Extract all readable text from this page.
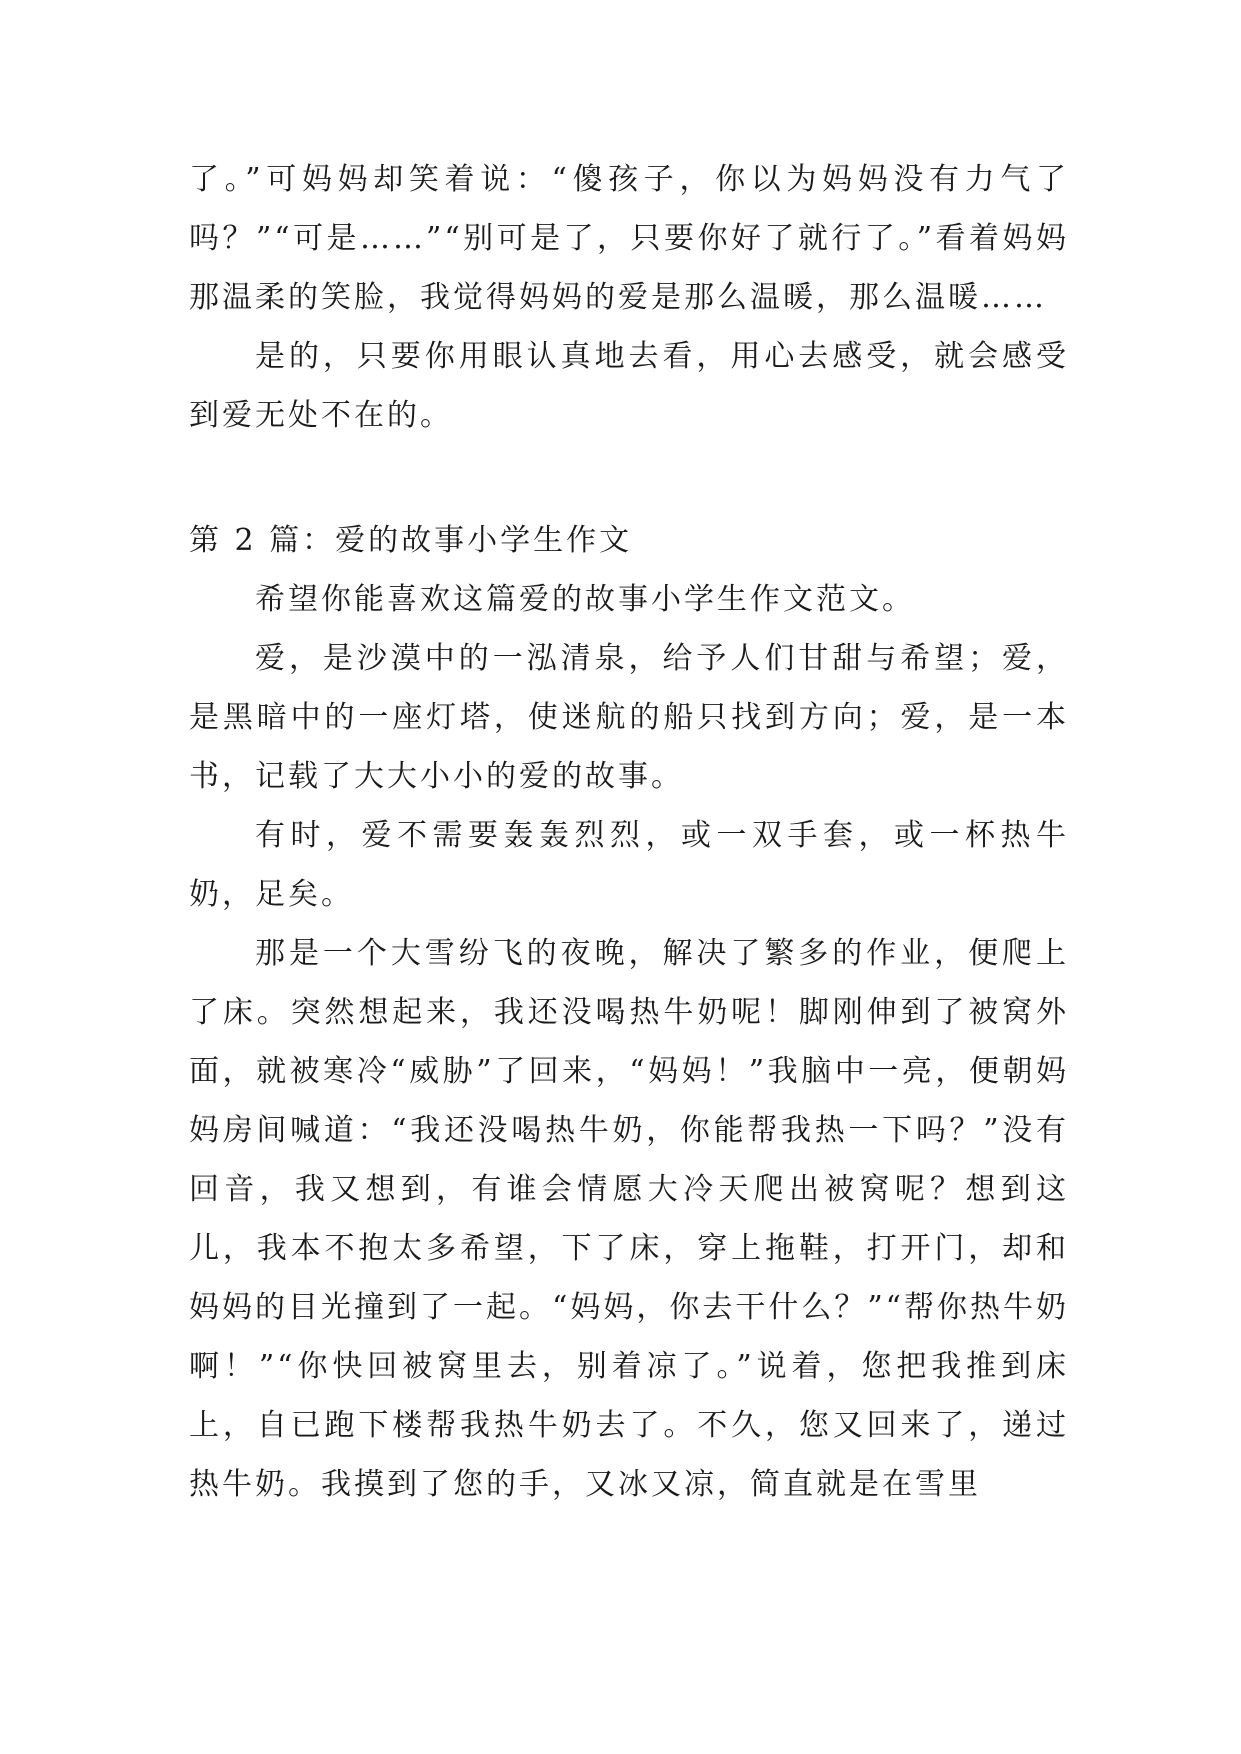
了。”可妈妈却笑着说：“傻孩子，你以为妈妈没有力气了吗？”“可是……”“别可是了，只要你好了就行了。”看着妈妈那温柔的笑脸，我觉得妈妈的爱是那么温暖，那么温暖……

是的，只要你用眼认真地去看，用心去感受，就会感受到爱无处不在的。

第 2 篇：爱的故事小学生作文

希望你能喜欢这篇爱的故事小学生作文范文。

爱，是沙漠中的一泓清泉，给予人们甘甜与希望；爱，是黑暗中的一座灯塔，使迷航的船只找到方向；爱，是一本书，记载了大大小小的爱的故事。

有时，爱不需要轰轰烈烈，或一双手套，或一杯热牛奶，足矣。

那是一个大雪纷飞的夜晚，解决了繁多的作业，便爬上了床。突然想起来，我还没喝热牛奶呢！脚刚伸到了被窝外面，就被寒冷“威胁”了回来，“妈妈！”我脑中一亮，便朝妈妈房间喊道：“我还没喝热牛奶，你能帮我热一下吗？”没有回音，我又想到，有谁会情愿大冷天爬出被窝呢？想到这儿，我本不抱太多希望，下了床，穿上拖鞋，打开门，却和妈妈的目光撞到了一起。“妈妈，你去干什么？”“帮你热牛奶啊！”“你快回被窝里去，别着凉了。”说着，您把我推到床上，自已跑下楼帮我热牛奶去了。不久，您又回来了，递过热牛奶。我摸到了您的手，又冰又凉，简直就是在雪里
